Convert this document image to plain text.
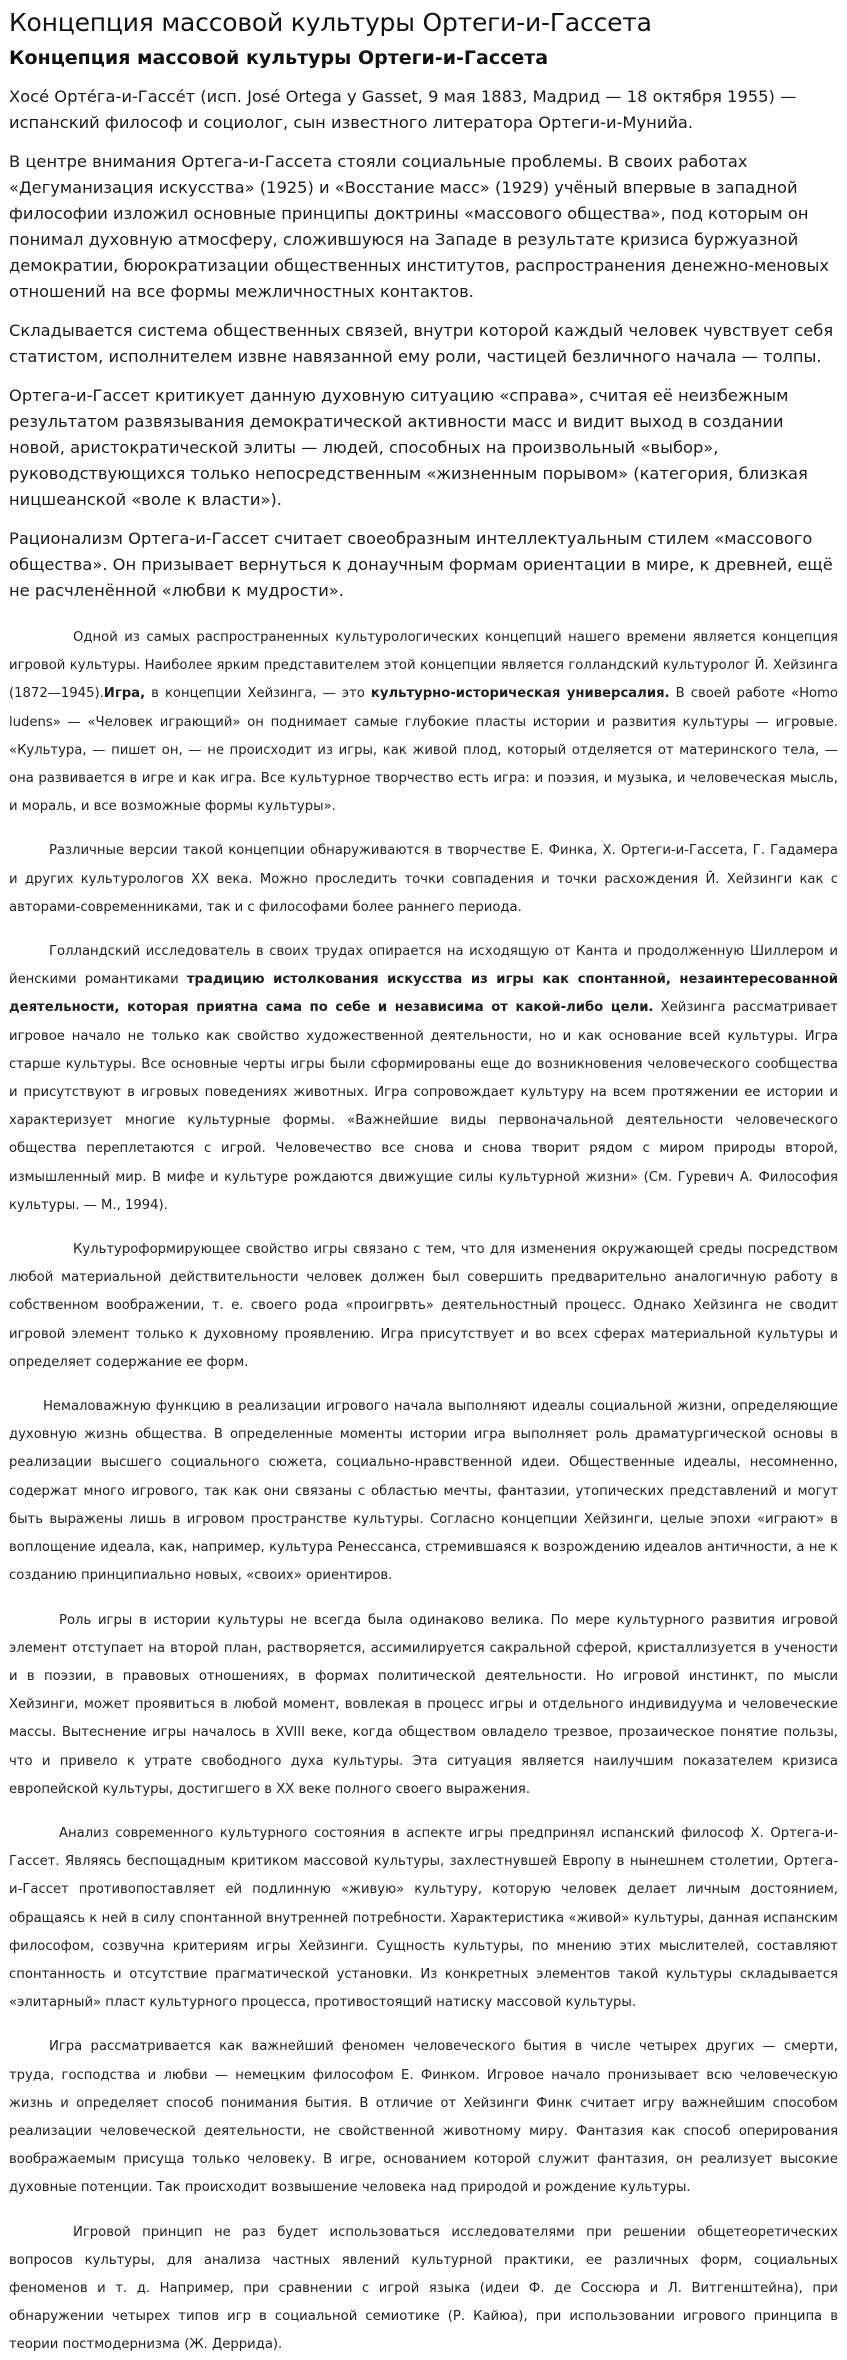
Концепция массовой культуры Ортеги-и-Гассета
Концепция массовой культуры Ортеги-и-Гассета

Хосе́ Орте́га-и-Гассе́т (исп. José Ortega y Gasset, 9 мая 1883, Мадрид — 18 октября 1955) — испанский философ и социолог, сын известного литератора Ортеги-и-Мунийа.

В центре внимания Ортега-и-Гассета стояли социальные проблемы. В своих работах «Дегуманизация искусства» (1925) и «Восстание масс» (1929) учёный впервые в западной философии изложил основные принципы доктрины «массового общества», под которым он понимал духовную атмосферу, сложившуюся на Западе в результате кризиса буржуазной демократии, бюрократизации общественных институтов, распространения денежно-меновых отношений на все формы межличностных контактов.

Складывается система общественных связей, внутри которой каждый человек чувствует себя статистом, исполнителем извне навязанной ему роли, частицей безличного начала — толпы.

Ортега-и-Гассет критикует данную духовную ситуацию «справа», считая её неизбежным результатом развязывания демократической активности масс и видит выход в создании новой, аристократической элиты — людей, способных на произвольный «выбор», руководствующихся только непосредственным «жизненным порывом» (категория, близкая ницшеанской «воле к власти»).

Рационализм Ортега-и-Гассет считает своеобразным интеллектуальным стилем «массового общества». Он призывает вернуться к донаучным формам ориентации в мире, к древней, ещё не расчленённой «любви к мудрости».

Одной из самых распространенных культурологических концепций нашего времени является концепция игровой культуры. Наиболее ярким представителем этой концепции является голландский культуролог Й. Хейзинга (1872—1945).Игра, в концепции Хейзинга, — это культурно-историческая универсалия. В своей работе «Homo ludens» — «Человек играющий» он поднимает самые глубокие пласты истории и развития культуры — игровые. «Культура, — пишет он, — не происходит из игры, как живой плод, который отделяется от материнского тела, — она развивается в игре и как игра. Все культурное творчество есть игра: и поэзия, и музыка, и человеческая мысль, и мораль, и все возможные формы культуры».

Различные версии такой концепции обнаруживаются в творчестве Е. Финка, Х. Ортеги-и-Гассета, Г. Гадамера и других культурологов XX века. Можно проследить точки совпадения и точки расхождения Й. Хейзинги как с авторами-современниками, так и с философами более раннего периода.

Голландский исследователь в своих трудах опирается на исходящую от Канта и продолженную Шиллером и йенскими романтиками традицию истолкования искусства из игры как спонтанной, незаинтересованной деятельности, которая приятна сама по себе и независима от какой-либо цели. Хейзинга рассматривает игровое начало не только как свойство художественной деятельности, но и как основание всей культуры. Игра старше культуры. Все основные черты игры были сформированы еще до возникновения человеческого сообщества и присутствуют в игровых поведениях животных. Игра сопровождает культуру на всем протяжении ее истории и характеризует многие культурные формы. «Важнейшие виды первоначальной деятельности человеческого общества переплетаются с игрой. Человечество все снова и снова творит рядом с миром природы второй, измышленный мир. В мифе и культуре рождаются движущие силы культурной жизни» (См. Гуревич А. Философия культуры. — М., 1994).

Культуроформирующее свойство игры связано с тем, что для изменения окружающей среды посредством любой материальной действительности человек должен был совершить предварительно аналогичную работу в собственном воображении, т. е. своего рода «проигрвть» деятельностный процесс. Однако Хейзинга не сводит игровой элемент только к духовному проявлению. Игра присутствует и во всех сферах материальной культуры и определяет содержание ее форм.

Немаловажную функцию в реализации игрового начала выполняют идеалы социальной жизни, определяющие духовную жизнь общества. В определенные моменты истории игра выполняет роль драматургической основы в реализации высшего социального сюжета, социально-нравственной идеи. Общественные идеалы, несомненно, содержат много игрового, так как они связаны с областью мечты, фантазии, утопических представлений и могут быть выражены лишь в игровом пространстве культуры. Согласно концепции Хейзинги, целые эпохи «играют» в воплощение идеала, как, например, культура Ренессанса, стремившаяся к возрождению идеалов античности, а не к созданию принципиально новых, «своих» ориентиров.

Роль игры в истории культуры не всегда была одинаково велика. По мере культурного развития игровой элемент отступает на второй план, растворяется, ассимилируется сакральной сферой, кристаллизуется в учености и в поэзии, в правовых отношениях, в формах политической деятельности. Но игровой инстинкт, по мысли Хейзинги, может проявиться в любой момент, вовлекая в процесс игры и отдельного индивидуума и человеческие массы. Вытеснение игры началось в XVIII веке, когда обществом овладело трезвое, прозаическое понятие пользы, что и привело к утрате свободного духа культуры. Эта ситуация является наилучшим показателем кризиса европейской культуры, достигшего в XX веке полного своего выражения.

Анализ современного культурного состояния в аспекте игры предпринял испанский философ Х. Ортега-и-Гассет. Являясь беспощадным критиком массовой культуры, захлестнувшей Европу в нынешнем столетии, Ортега-и-Гассет противопоставляет ей подлинную «живую» культуру, которую человек делает личным достоянием, обращаясь к ней в силу спонтанной внутренней потребности. Характеристика «живой» культуры, данная испанским философом, созвучна критериям игры Хейзинги. Сущность культуры, по мнению этих мыслителей, составляют спонтанность и отсутствие прагматической установки. Из конкретных элементов такой культуры складывается «элитарный» пласт культурного процесса, противостоящий натиску массовой культуры.

Игра рассматривается как важнейший феномен человеческого бытия в числе четырех других — смерти, труда, господства и любви — немецким философом Е. Финком. Игровое начало пронизывает всю человеческую жизнь и определяет способ понимания бытия. В отличие от Хейзинги Финк считает игру важнейшим способом реализации человеческой деятельности, не свойственной животному миру. Фантазия как способ оперирования воображаемым присуща только человеку. В игре, основанием которой служит фантазия, он реализует высокие духовные потенции. Так происходит возвышение человека над природой и рождение культуры.

Игровой принцип не раз будет использоваться исследователями при решении общетеоретических вопросов культуры, для анализа частных явлений культурной практики, ее различных форм, социальных феноменов и т. д. Например, при сравнении с игрой языка (идеи Ф. де Соссюра и Л. Витгенштейна), при обнаружении четырех типов игр в социальной семиотике (Р. Кайюа), при использовании игрового принципа в теории постмодернизма (Ж. Деррида).
